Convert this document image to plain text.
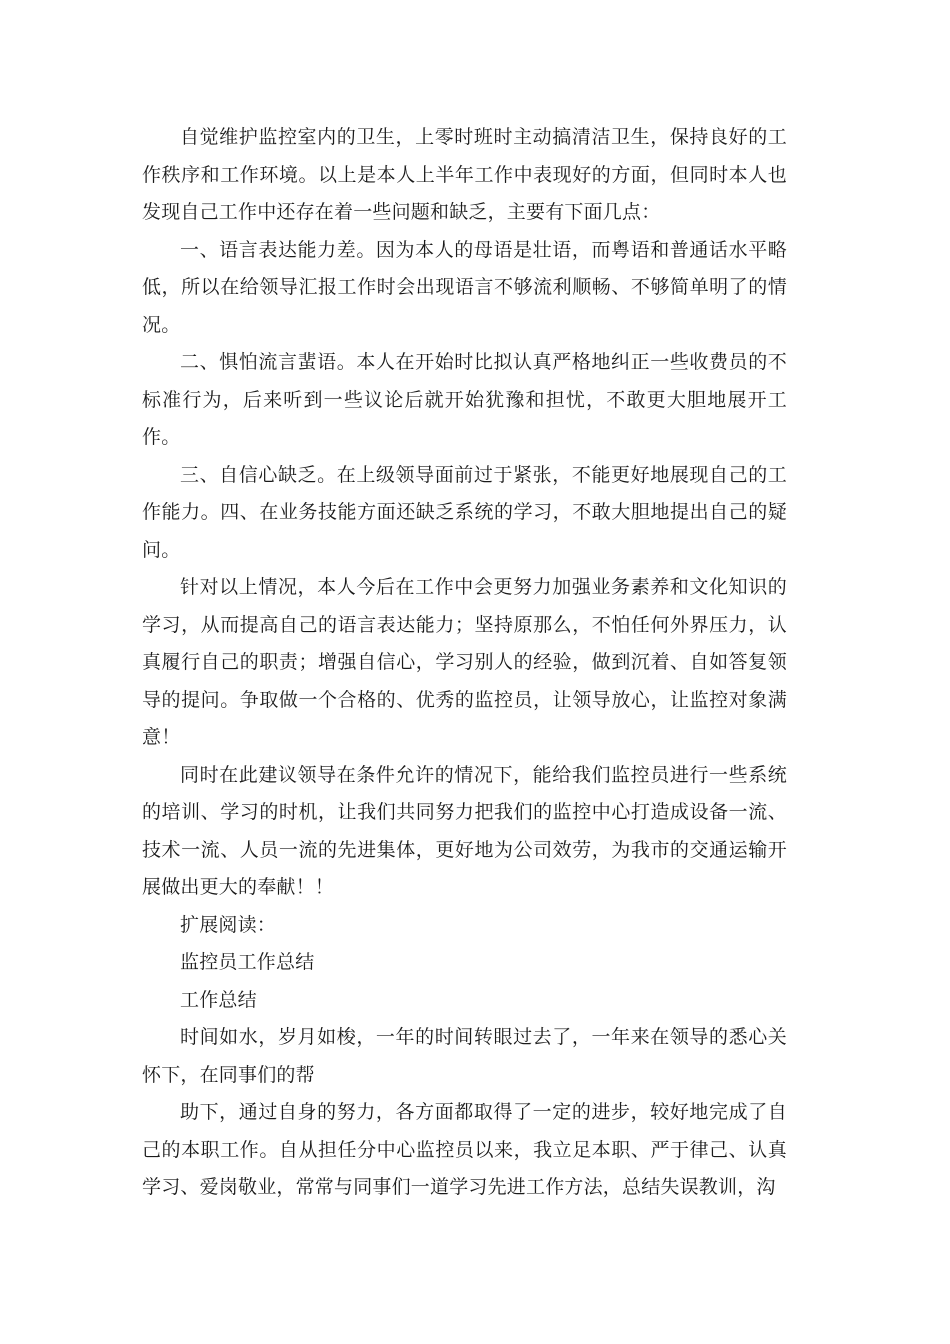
自觉维护监控室内的卫生，上零时班时主动搞清洁卫生，保持良好的工作秩序和工作环境。以上是本人上半年工作中表现好的方面，但同时本人也发现自己工作中还存在着一些问题和缺乏，主要有下面几点：

一、语言表达能力差。因为本人的母语是壮语，而粤语和普通话水平略低，所以在给领导汇报工作时会出现语言不够流利顺畅、不够简单明了的情况。

二、惧怕流言蜚语。本人在开始时比拟认真严格地纠正一些收费员的不标准行为，后来听到一些议论后就开始犹豫和担忧，不敢更大胆地展开工作。

三、自信心缺乏。在上级领导面前过于紧张，不能更好地展现自己的工作能力。四、在业务技能方面还缺乏系统的学习，不敢大胆地提出自己的疑问。

针对以上情况，本人今后在工作中会更努力加强业务素养和文化知识的学习，从而提高自己的语言表达能力；坚持原那么，不怕任何外界压力，认真履行自己的职责；增强自信心，学习别人的经验，做到沉着、自如答复领导的提问。争取做一个合格的、优秀的监控员，让领导放心，让监控对象满意！

同时在此建议领导在条件允许的情况下，能给我们监控员进行一些系统的培训、学习的时机，让我们共同努力把我们的监控中心打造成设备一流、技术一流、人员一流的先进集体，更好地为公司效劳，为我市的交通运输开展做出更大的奉献！！

扩展阅读：

监控员工作总结

工作总结

时间如水，岁月如梭，一年的时间转眼过去了，一年来在领导的悉心关怀下，在同事们的帮

助下，通过自身的努力，各方面都取得了一定的进步，较好地完成了自己的本职工作。自从担任分中心监控员以来，我立足本职、严于律己、认真学习、爱岗敬业，常常与同事们一道学习先进工作方法，总结失误教训，沟
